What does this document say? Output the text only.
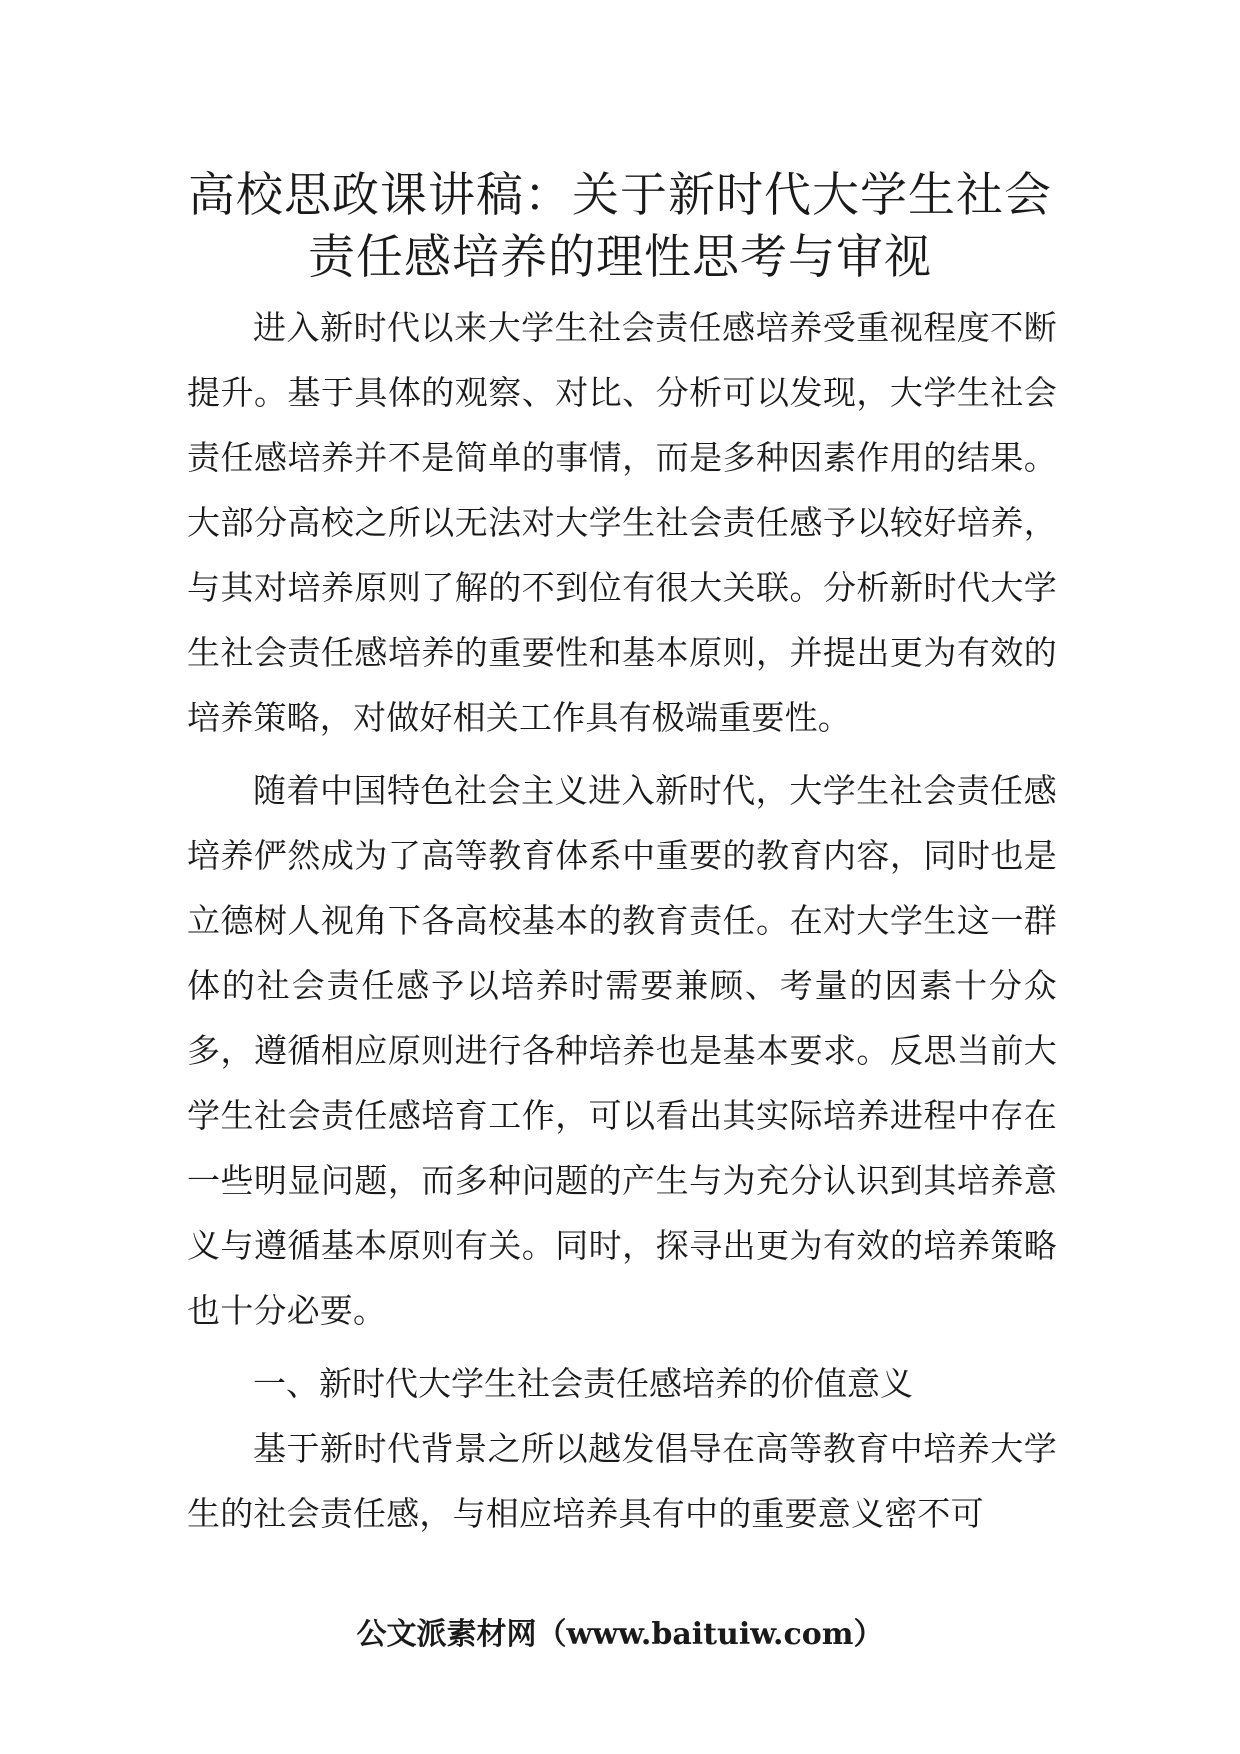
高校思政课讲稿：关于新时代大学生社会
责任感培养的理性思考与审视

进入新时代以来大学生社会责任感培养受重视程度不断提升。基于具体的观察、对比、分析可以发现，大学生社会责任感培养并不是简单的事情，而是多种因素作用的结果。大部分高校之所以无法对大学生社会责任感予以较好培养，与其对培养原则了解的不到位有很大关联。分析新时代大学生社会责任感培养的重要性和基本原则，并提出更为有效的培养策略，对做好相关工作具有极端重要性。

随着中国特色社会主义进入新时代，大学生社会责任感培养俨然成为了高等教育体系中重要的教育内容，同时也是立德树人视角下各高校基本的教育责任。在对大学生这一群体的社会责任感予以培养时需要兼顾、考量的因素十分众多，遵循相应原则进行各种培养也是基本要求。反思当前大学生社会责任感培育工作，可以看出其实际培养进程中存在一些明显问题，而多种问题的产生与为充分认识到其培养意义与遵循基本原则有关。同时，探寻出更为有效的培养策略也十分必要。

一、新时代大学生社会责任感培养的价值意义

基于新时代背景之所以越发倡导在高等教育中培养大学生的社会责任感，与相应培养具有中的重要意义密不可

公文派素材网（www.baituiw.com）
